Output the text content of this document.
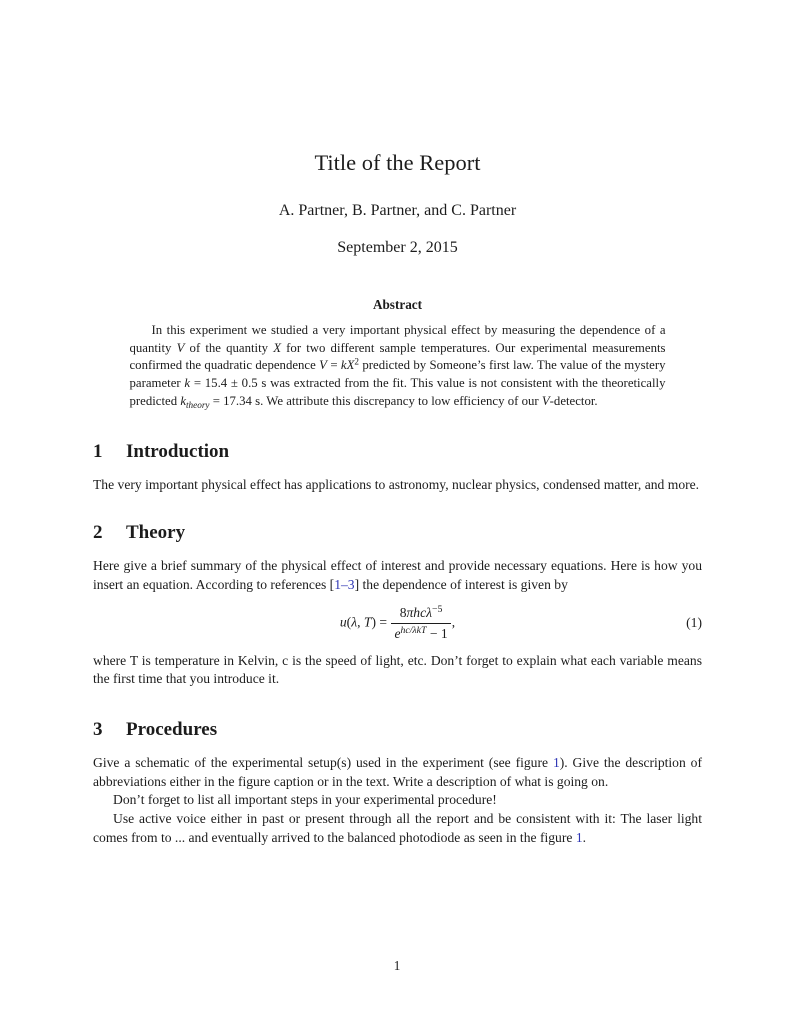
Title of the Report
A. Partner, B. Partner, and C. Partner
September 2, 2015
Abstract

In this experiment we studied a very important physical effect by measuring the dependence of a quantity V of the quantity X for two different sample temperatures. Our experimental measurements confirmed the quadratic dependence $V = kX^2$ predicted by Someone’s first law. The value of the mystery parameter k = 15.4 ± 0.5 s was extracted from the fit. This value is not consistent with the theoretically predicted $k_{theory} = 17.34$ s. We attribute this discrepancy to low efficiency of our V-detector.

1 Introduction

The very important physical effect has applications to astronomy, nuclear physics, condensed matter, and more.

2 Theory

Here give a brief summary of the physical effect of interest and provide necessary equations. Here is how you insert an equation. According to references [1–3] the dependence of interest is given by

u(λ, $T) = \frac{8\pi hc\lambda^{-5}}{e^{hc/\lambda kT} - 1}$ ,	(1)

where T is temperature in Kelvin, c is the speed of light, etc. Don’t forget to explain what each variable means the first time that you introduce it.

3 Procedures

Give a schematic of the experimental setup(s) used in the experiment (see figure 1). Give the description of abbreviations either in the figure caption or in the text. Write a description of what is going on.

Don’t forget to list all important steps in your experimental procedure!

Use active voice either in past or present through all the report and be consistent with it: The laser light comes from to ... and eventually arrived to the balanced photodiode as seen in the figure 1.

1
